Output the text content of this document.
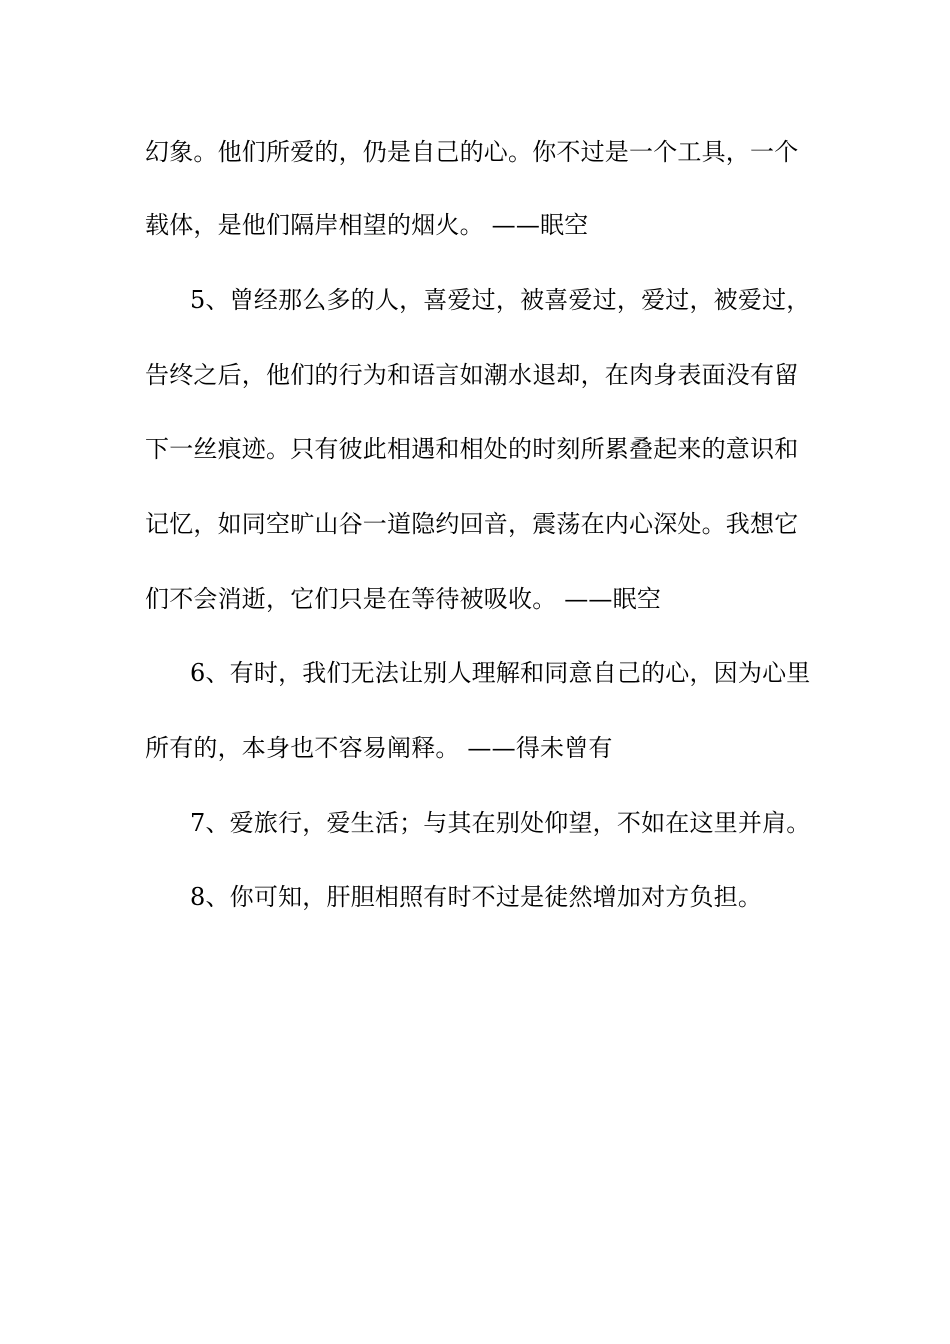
幻象。他们所爱的，仍是自己的心。你不过是一个工具，一个
载体，是他们隔岸相望的烟火。 ——眠空
5、曾经那么多的人，喜爱过，被喜爱过，爱过，被爱过，
告终之后，他们的行为和语言如潮水退却，在肉身表面没有留
下一丝痕迹。只有彼此相遇和相处的时刻所累叠起来的意识和
记忆，如同空旷山谷一道隐约回音，震荡在内心深处。我想它
们不会消逝，它们只是在等待被吸收。 ——眠空
6、有时，我们无法让别人理解和同意自己的心，因为心里
所有的，本身也不容易阐释。 ——得未曾有
7、爱旅行，爱生活；与其在别处仰望，不如在这里并肩。
8、你可知，肝胆相照有时不过是徒然增加对方负担。
